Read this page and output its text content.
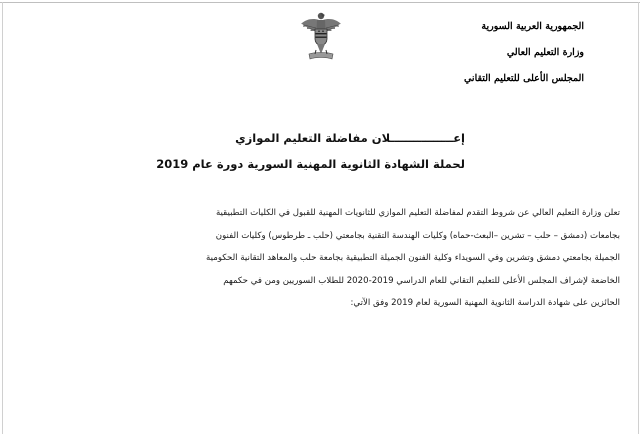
الجمهورية العربية السورية
وزارة التعليم العالي
المجلس الأعلى للتعليم التقاني
إعــــــــــــــــلان مفاضلة التعليم الموازي
لحملة الشهادة الثانوية المهنية السورية دورة عام 2019
تعلن وزارة التعليم العالي عن شروط التقدم لمفاضلة التعليم الموازي للثانويات المهنية للقبول في الكليات التطبيقية
بجامعات (دمشق – حلب – تشرين –البعث-حماه) وكليات الهندسة التقنية بجامعتي (حلب ـ طرطوس) وكليات الفنون
الجميلة بجامعتي دمشق وتشرين وفي السويداء وكلية الفنون الجميلة التطبيقية بجامعة حلب والمعاهد التقانية الحكومية
الخاضعة لإشراف المجلس الأعلى للتعليم التقاني للعام الدراسي 2019-2020 للطلاب السوريين ومن في حكمهم
الحائزين على شهادة الدراسة الثانوية المهنية السورية لعام 2019 وفق الآتي:
